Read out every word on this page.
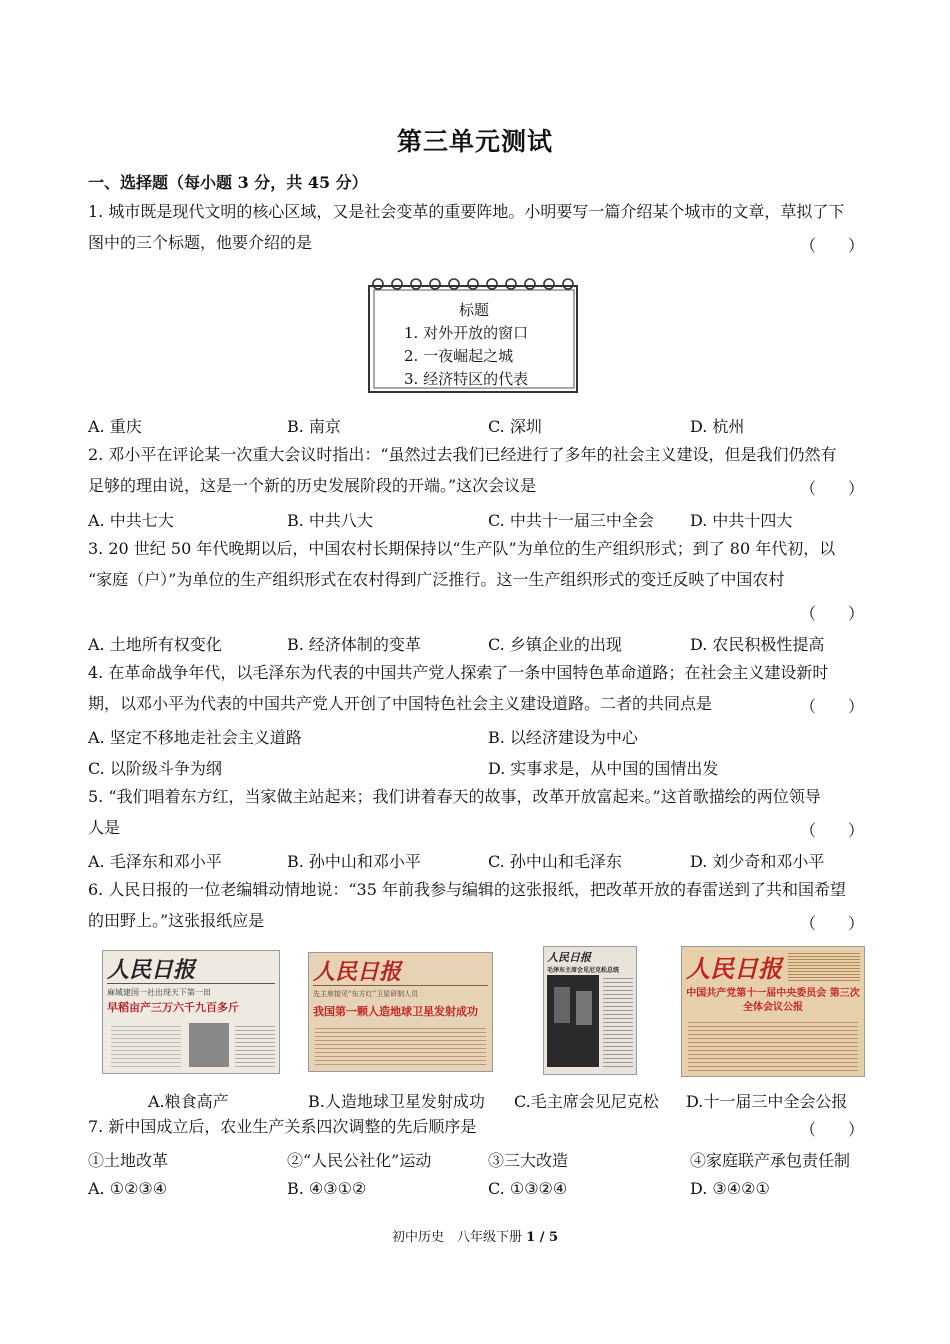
第三单元测试
一、选择题（每小题 3 分，共 45 分）
1. 城市既是现代文明的核心区域，又是社会变革的重要阵地。小明要写一篇介绍某个城市的文章，草拟了下
图中的三个标题，他要介绍的是	（　　）
标题
1. 对外开放的窗口
2. 一夜崛起之城
3. 经济特区的代表
A. 重庆	B. 南京	C. 深圳	D. 杭州
2. 邓小平在评论某一次重大会议时指出：“虽然过去我们已经进行了多年的社会主义建设，但是我们仍然有
足够的理由说，这是一个新的历史发展阶段的开端。”这次会议是	（　　）
A. 中共七大	B. 中共八大	C. 中共十一届三中全会 D. 中共十四大
3. 20 世纪 50 年代晚期以后，中国农村长期保持以“生产队”为单位的生产组织形式；到了 80 年代初，以
“家庭（户）”为单位的生产组织形式在农村得到广泛推行。这一生产组织形式的变迁反映了中国农村
（　　）
A. 土地所有权变化	B. 经济体制的变革	C. 乡镇企业的出现	D. 农民积极性提高
4. 在革命战争年代，以毛泽东为代表的中国共产党人探索了一条中国特色革命道路；在社会主义建设新时
期，以邓小平为代表的中国共产党人开创了中国特色社会主义建设道路。二者的共同点是	（　　）
A. 坚定不移地走社会主义道路	B. 以经济建设为中心
C. 以阶级斗争为纲	D. 实事求是，从中国的国情出发
5. “我们唱着东方红，当家做主站起来；我们讲着春天的故事，改革开放富起来。”这首歌描绘的两位领导
人是	（　　）
A. 毛泽东和邓小平	B. 孙中山和邓小平	C. 孙中山和毛泽东	D. 刘少奇和邓小平
6. 人民日报的一位老编辑动情地说：“35 年前我参与编辑的这张报纸，把改革开放的春雷送到了共和国希望
的田野上。”这张报纸应是	（　　）
人民日报
麻城建国一社出现天下第一田
早稻亩产三万六千九百多斤
人民日报
先主席接见“东方红”卫星研制人员
我国第一颗人造地球卫星发射成功
人民日报
毛泽东主席会见尼克松总统	人民日报
中国共产党第十一届中央委员会 第三次全体会议公报
A.粮食高产	B.人造地球卫星发射成功 C.毛主席会见尼克松 D.十一届三中全会公报
7. 新中国成立后，农业生产关系四次调整的先后顺序是	（　　）
①土地改革	②“人民公社化”运动	③三大改造	④家庭联产承包责任制
A. ①②③④	B. ④③①②	C. ①③②④	D. ③④②①
初中历史　八年级下册 1 / 5
